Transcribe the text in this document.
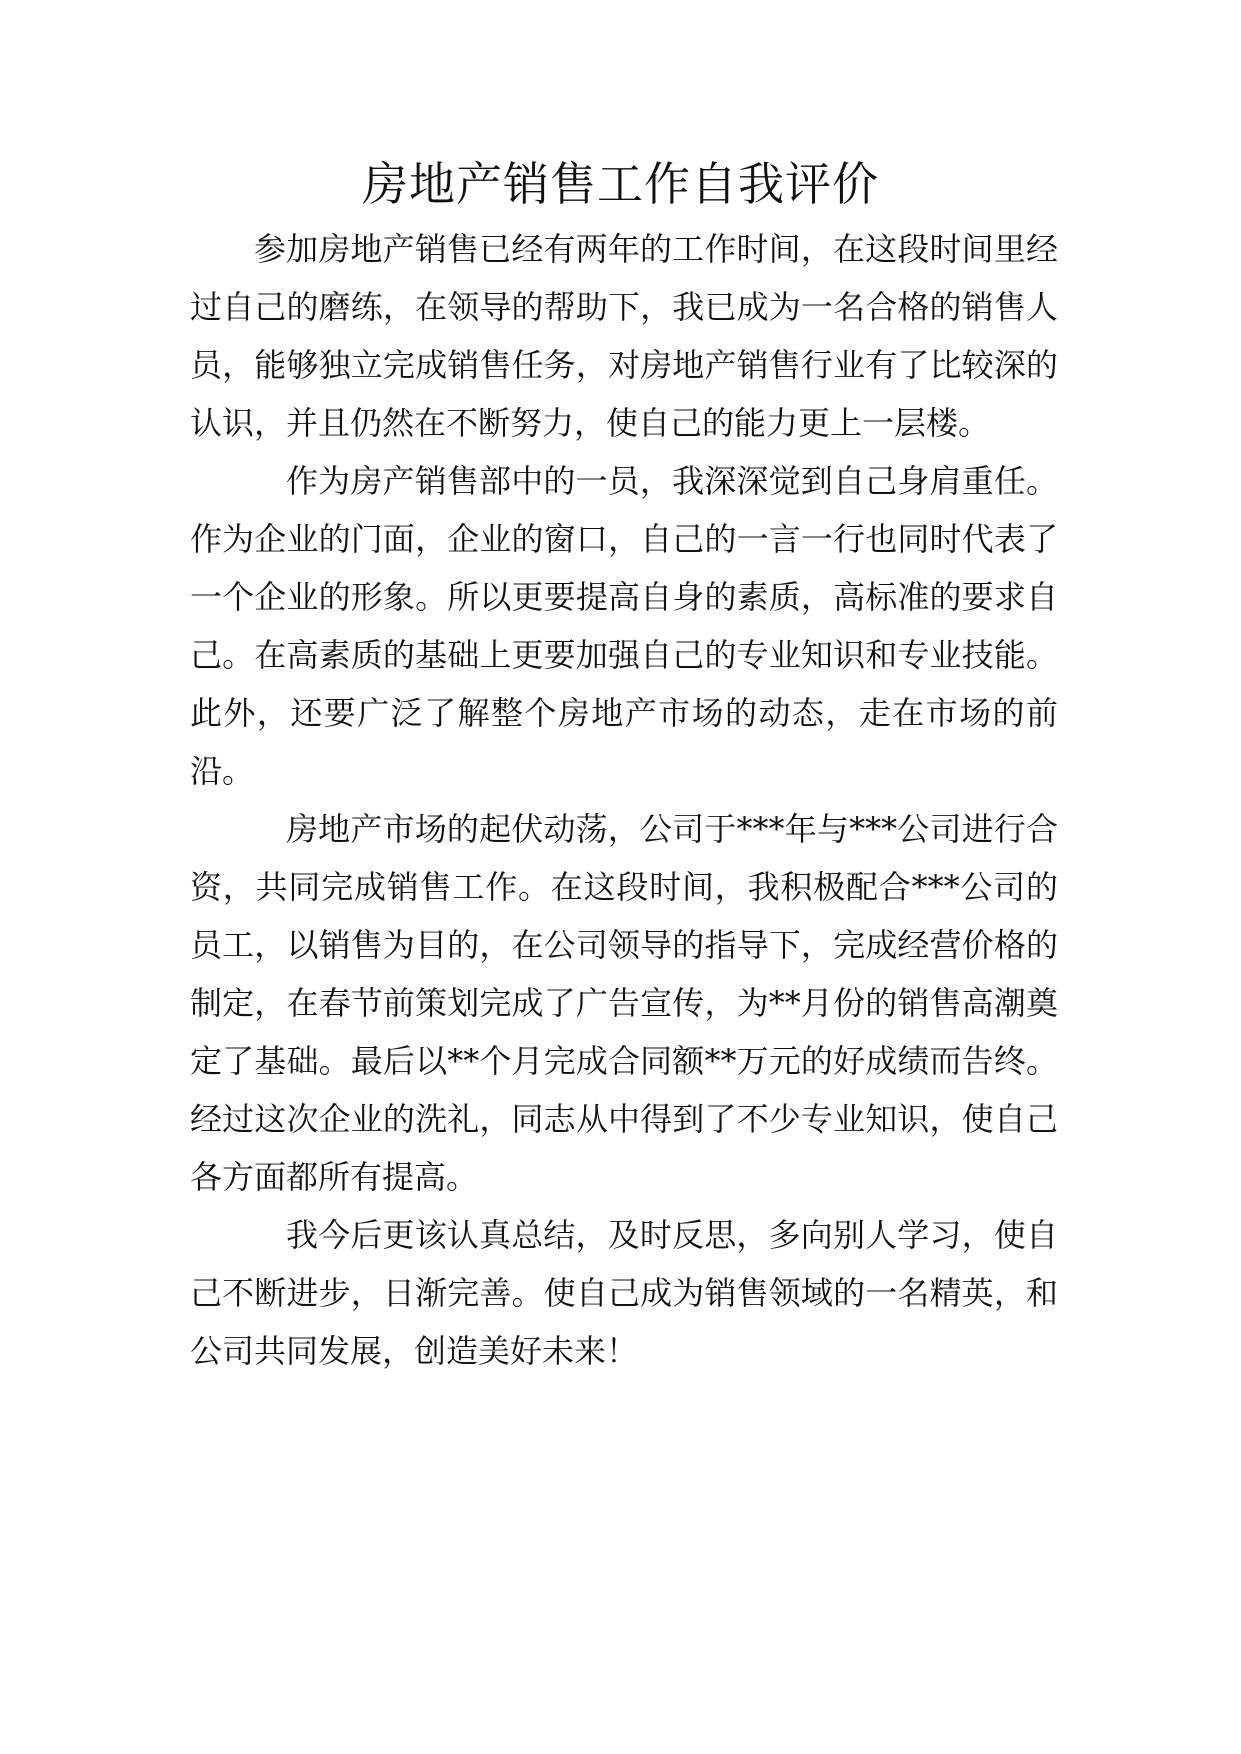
房地产销售工作自我评价

参加房地产销售已经有两年的工作时间，在这段时间里经过自己的磨练，在领导的帮助下，我已成为一名合格的销售人员，能够独立完成销售任务，对房地产销售行业有了比较深的认识，并且仍然在不断努力，使自己的能力更上一层楼。

作为房产销售部中的一员，我深深觉到自己身肩重任。作为企业的门面，企业的窗口，自己的一言一行也同时代表了一个企业的形象。所以更要提高自身的素质，高标准的要求自己。在高素质的基础上更要加强自己的专业知识和专业技能。此外，还要广泛了解整个房地产市场的动态，走在市场的前沿。

房地产市场的起伏动荡，公司于***年与***公司进行合资，共同完成销售工作。在这段时间，我积极配合***公司的员工，以销售为目的，在公司领导的指导下，完成经营价格的制定，在春节前策划完成了广告宣传，为**月份的销售高潮奠定了基础。最后以**个月完成合同额**万元的好成绩而告终。经过这次企业的洗礼，同志从中得到了不少专业知识，使自己各方面都所有提高。

我今后更该认真总结，及时反思，多向别人学习，使自己不断进步，日渐完善。使自己成为销售领域的一名精英，和公司共同发展，创造美好未来！
